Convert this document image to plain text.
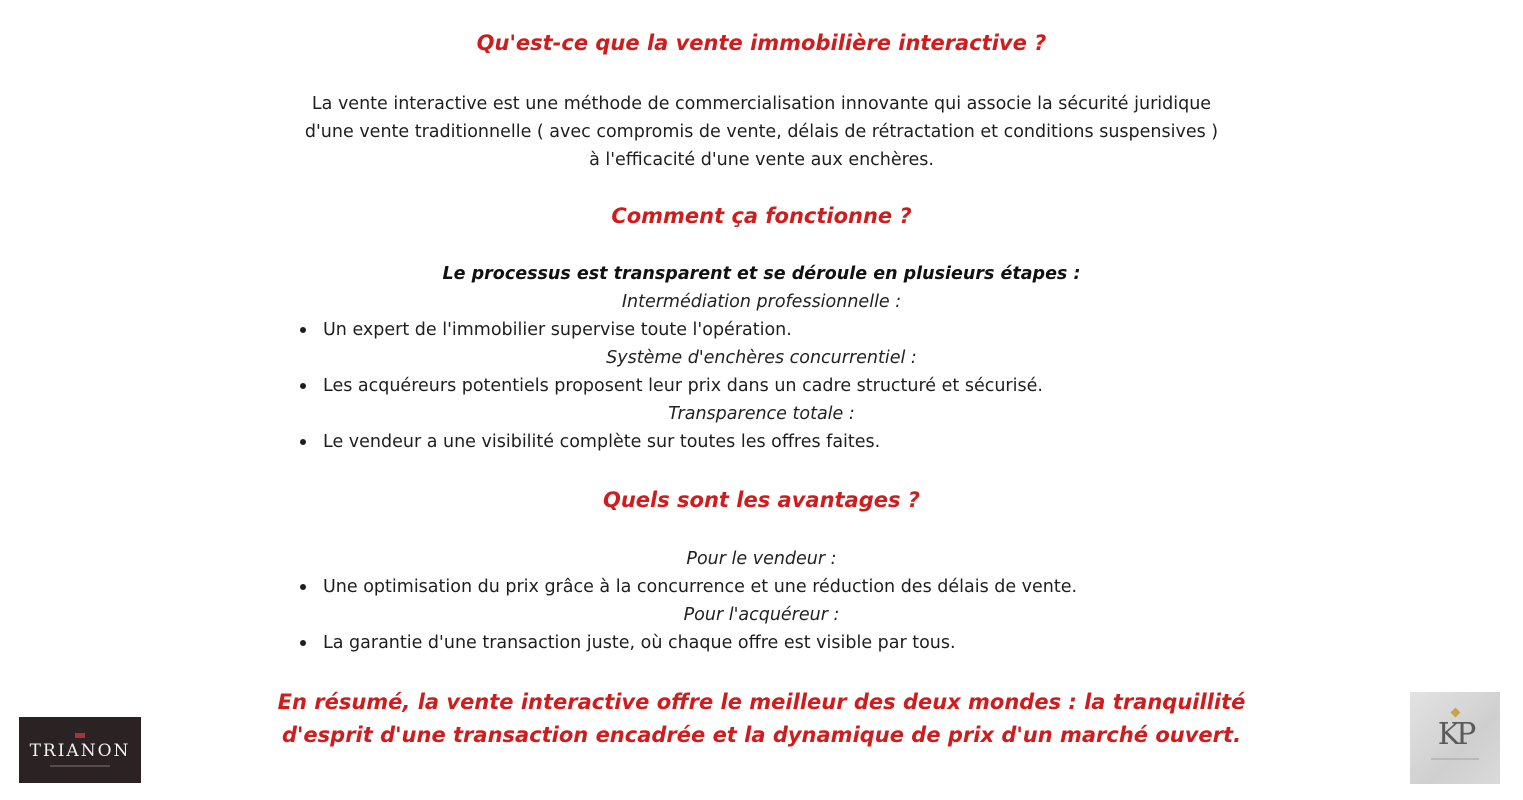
Qu'est-ce que la vente immobilière interactive ?
La vente interactive est une méthode de commercialisation innovante qui associe la sécurité juridique
d'une vente traditionnelle ( avec compromis de vente, délais de rétractation et conditions suspensives )
à l'efficacité d'une vente aux enchères.
Comment ça fonctionne ?
Le processus est transparent et se déroule en plusieurs étapes :
Intermédiation professionnelle :
Un expert de l'immobilier supervise toute l'opération.
Système d'enchères concurrentiel :
Les acquéreurs potentiels proposent leur prix dans un cadre structuré et sécurisé.
Transparence totale :
Le vendeur a une visibilité complète sur toutes les offres faites.
Quels sont les avantages ?
Pour le vendeur :
Une optimisation du prix grâce à la concurrence et une réduction des délais de vente.
Pour l'acquéreur :
La garantie d'une transaction juste, où chaque offre est visible par tous.
En résumé, la vente interactive offre le meilleur des deux mondes : la tranquillité
d'esprit d'une transaction encadrée et la dynamique de prix d'un marché ouvert.
TRIANON	KP
